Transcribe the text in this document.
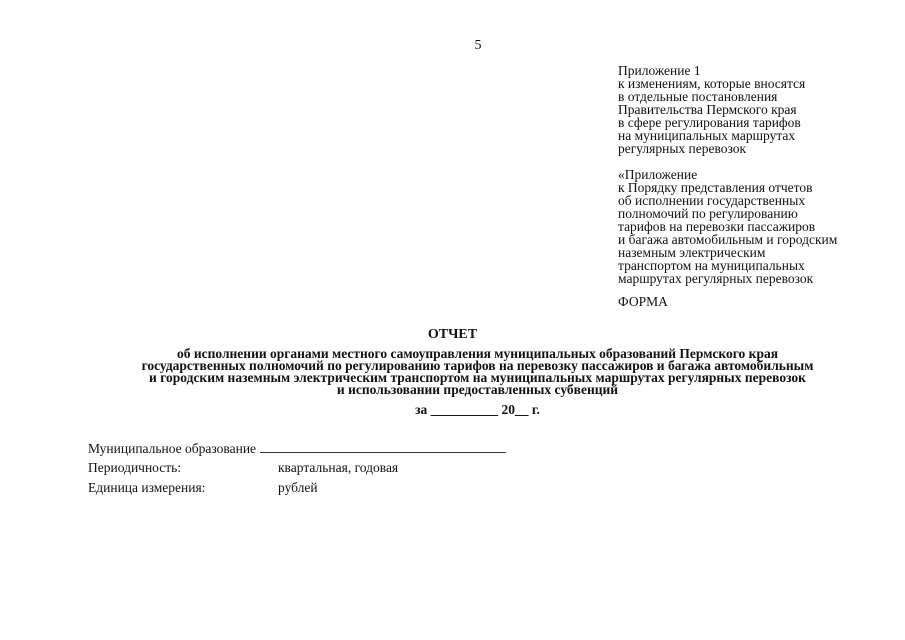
5
Приложение 1
к изменениям, которые вносятся
в отдельные постановления
Правительства Пермского края
в сфере регулирования тарифов
на муниципальных маршрутах
регулярных перевозок
«Приложение
к Порядку представления отчетов
об исполнении государственных
полномочий по регулированию
тарифов на перевозки пассажиров
и багажа автомобильным и городским
наземным электрическим
транспортом на муниципальных
маршрутах регулярных перевозок
ФОРМА
ОТЧЕТ
об исполнении органами местного самоуправления муниципальных образований Пермского края
государственных полномочий по регулированию тарифов на перевозку пассажиров и багажа автомобильным
и городским наземным электрическим транспортом на муниципальных маршрутах регулярных перевозок
и использовании предоставленных субвенций
за __________ 20__ г.
Муниципальное образование
Периодичность:	квартальная, годовая
Единица измерения:	рублей
